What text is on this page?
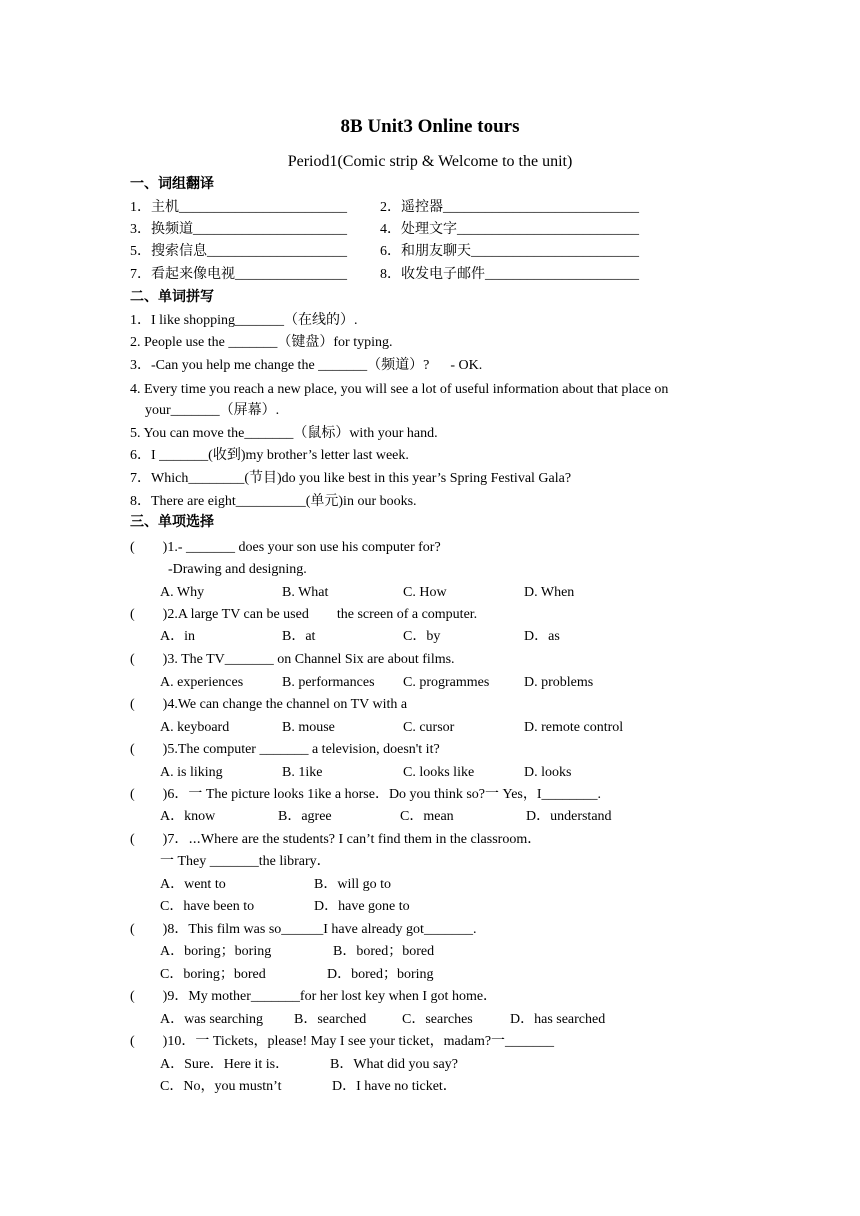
8B Unit3 Online tours
Period1(Comic strip & Welcome to the unit)
一、词组翻译
1．主机________________________ 2．遥控器____________________________
3．换频道______________________ 4．处理文字__________________________
5．搜索信息____________________ 6．和朋友聊天________________________
7．看起来像电视________________ 8．收发电子邮件______________________
二、单词拼写
1．I like shopping_______（在线的）.
2. People use the _______（键盘）for typing.
3．-Can you help me change the _______（频道）?      - OK.
4. Every time you reach a new place, you will see a lot of useful information about that place on
your_______（屏幕）.
5. You can move the_______（鼠标）with your hand.
6．I _______(收到)my brother’s letter last week.
7．Which________(节目)do you like best in this year’s Spring Festival Gala?
8．There are eight__________(单元)in our books.
三、单项选择
(        )1.- _______ does your son use his computer for?
-Drawing and designing.
A. Why	B. What	C. How	D. When
(        )2.A large TV can be used        the screen of a computer.
A．in	B．at	C．by	D．as
(        )3. The TV_______ on Channel Six are about films.
A. experiences	B. performances C. programmes D. problems
(        )4.We can change the channel on TV with a
A. keyboard	B. mouse	C. cursor	D. remote control
(        )5.The computer _______ a television, doesn't it?
A. is liking	B. 1ike	C. looks like	D. looks
(        )6．一 The picture looks 1ike a horse．Do you think so?一 Yes，I________.
A．know	B．agree	C．mean	D．understand
(        )7．⋯Where are the students? I can’t find them in the classroom．
一 They _______the library．
A．went to	B．will go to
C．have been to	D．have gone to
(        )8．This film was so______I have already got_______.
A．boring；boring	B．bored；bored
C．boring；bored	D．bored；boring
(        )9．My mother_______for her lost key when I got home．
A．was searching B．searched	C．searches	D．has searched
(        )10．一 Tickets，please! May I see your ticket，madam?一_______
A．Sure．Here it is．	B．What did you say?
C．No，you mustn’t	D．I have no ticket．
